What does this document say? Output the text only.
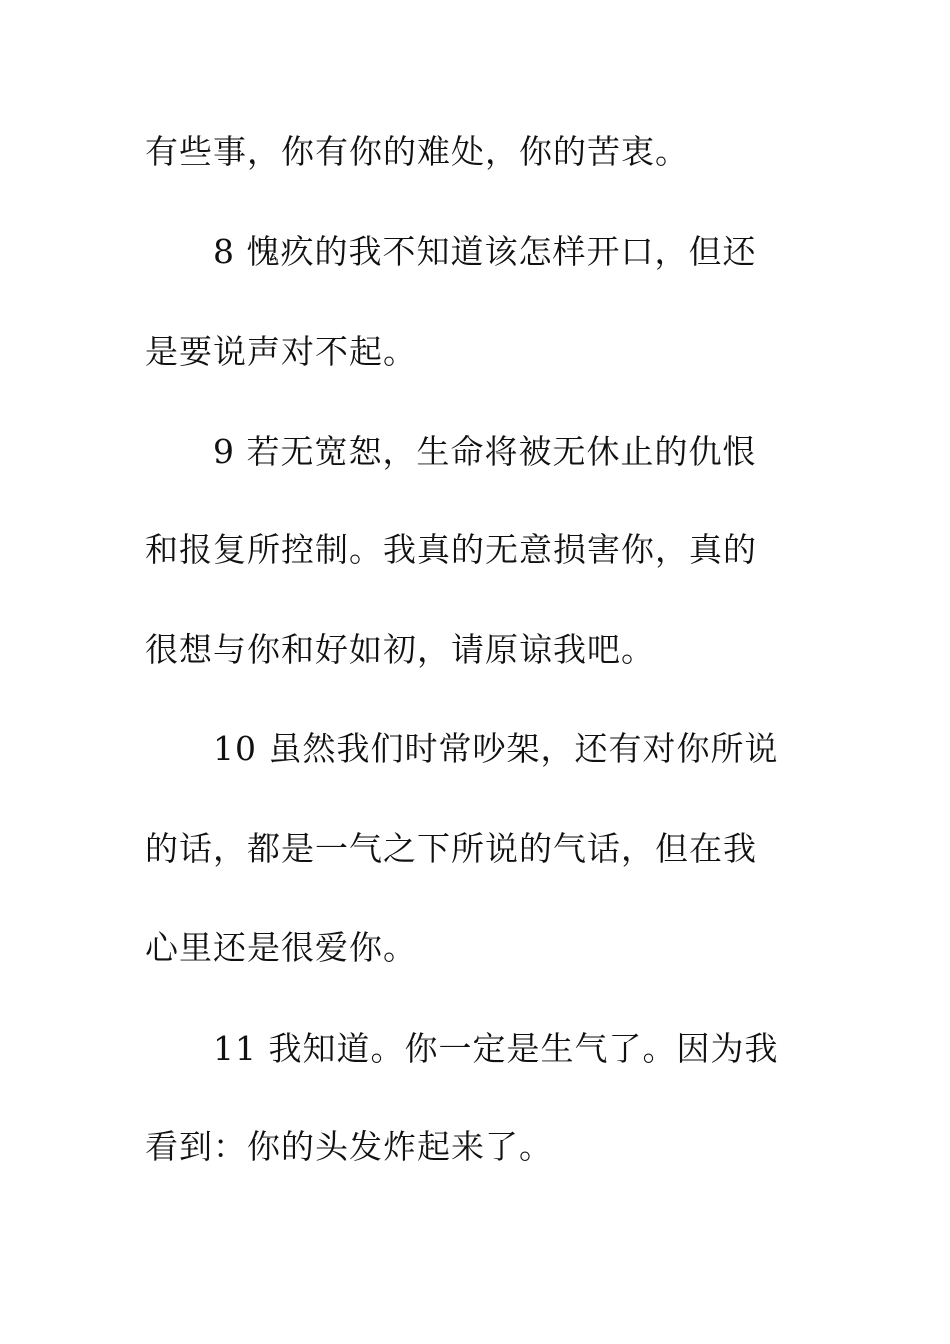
有些事，你有你的难处，你的苦衷。
8 愧疚的我不知道该怎样开口，但还
是要说声对不起。
9 若无宽恕，生命将被无休止的仇恨
和报复所控制。我真的无意损害你，真的
很想与你和好如初，请原谅我吧。
10 虽然我们时常吵架，还有对你所说
的话，都是一气之下所说的气话，但在我
心里还是很爱你。
11 我知道。你一定是生气了。因为我
看到：你的头发炸起来了。
